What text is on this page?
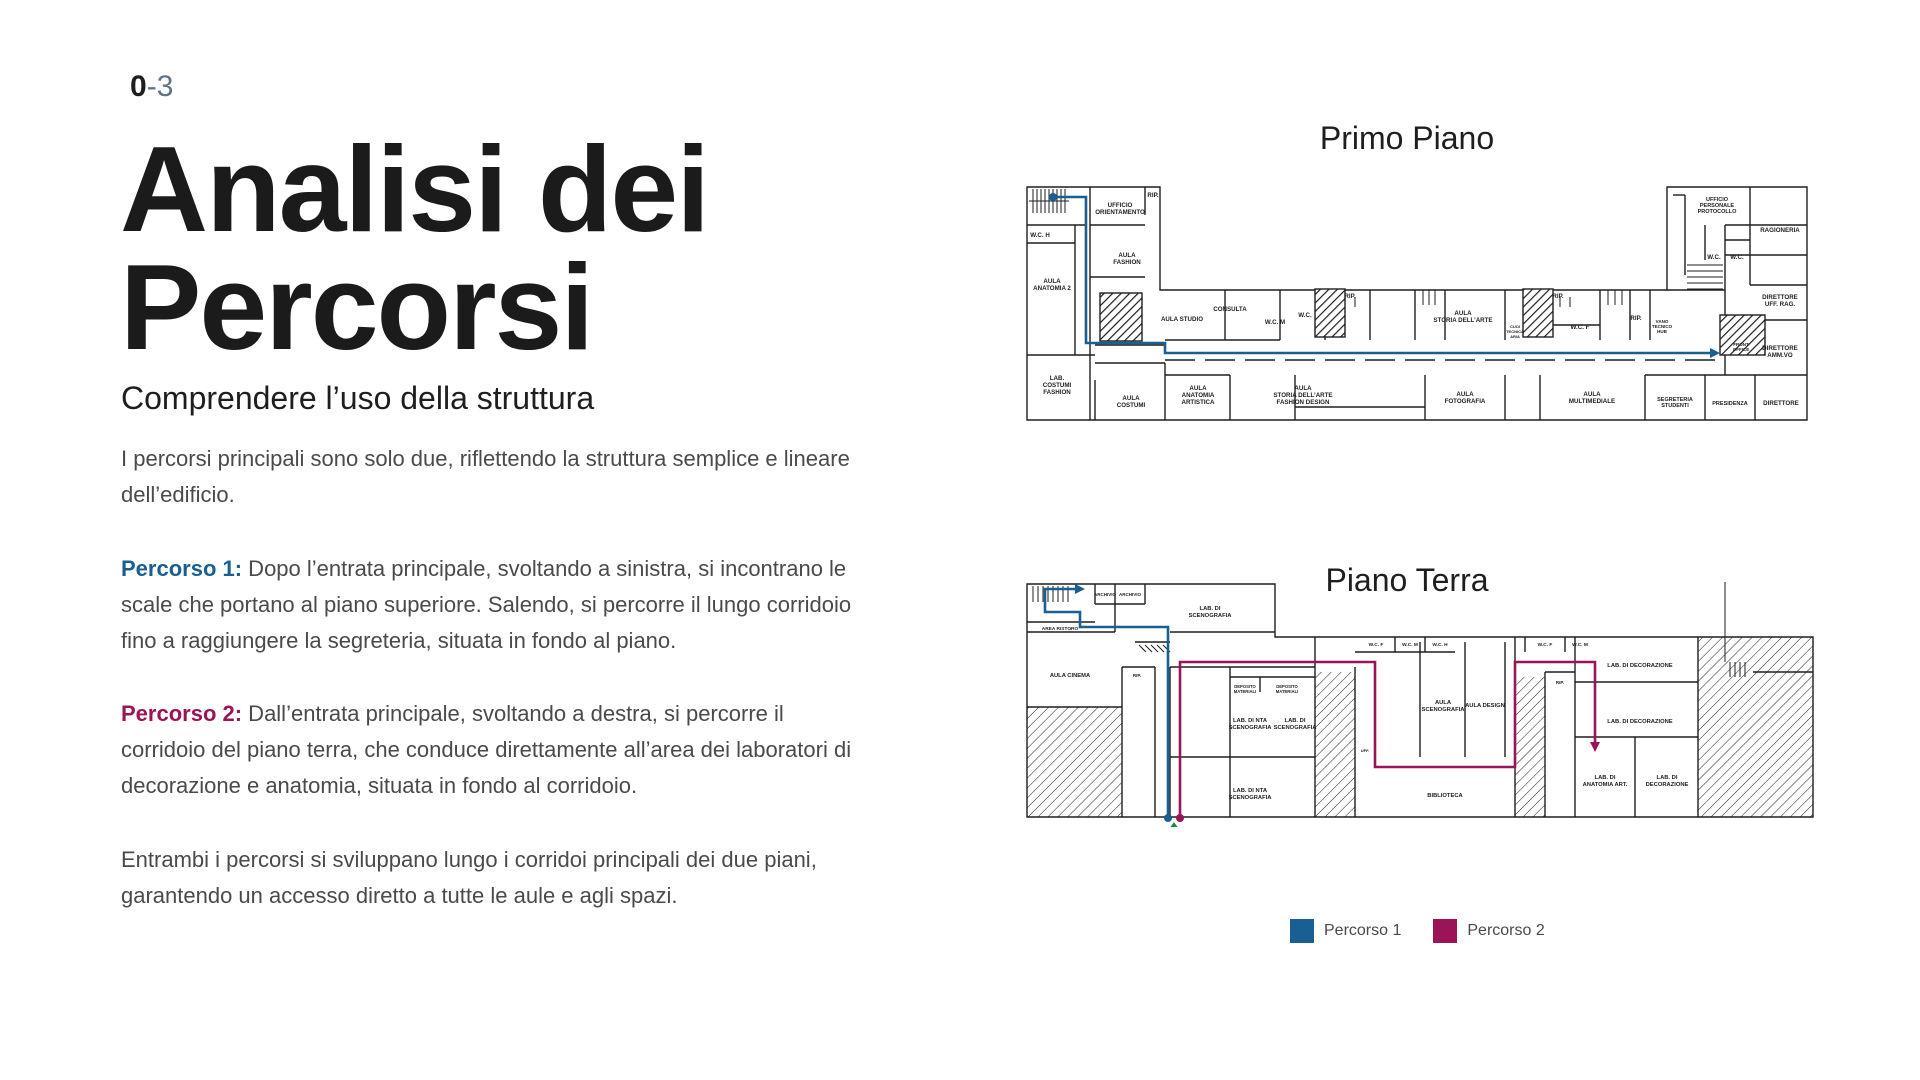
0-3
Analisi dei
Percorsi
Comprendere l’uso della struttura

I percorsi principali sono solo due, riflettendo la struttura semplice e lineare dell’edificio.

Percorso 1: Dopo l’entrata principale, svoltando a sinistra, si incontrano le scale che portano al piano superiore. Salendo, si percorre il lungo corridoio fino a raggiungere la segreteria, situata in fondo al piano.

Percorso 2: Dall’entrata principale, svoltando a destra, si percorre il corridoio del piano terra, che conduce direttamente all’area dei laboratori di decorazione e anatomia, situata in fondo al corridoio.

Entrambi i percorsi si sviluppano lungo i corridoi principali dei due piani, garantendo un accesso diretto a tutte le aule e agli spazi.

Primo Piano
Piano Terra
UFFICIO ORIENTAMENTO
RIP.
W.C. H
AULA ANATOMIA 2
AULA FASHION
AULA STUDIO
CONSULTA
W.C. M
W.C.
RIP.
AULA STORIA DELL’ARTE
CUOI TECNICA ARIA
RIP.
W.C. F
RIP.	VANO TECNICO HUB
UFFICIO PERSONALE PROTOCOLLO
RAGIONERIA
W.C. W.C.
DIRETTORE UFF. RAG.
FRONT OFFICE DIRETTORE AMM.VO
LAB. COSTUMI FASHION
AULA COSTUMI
AULA ANATOMIA ARTISTICA
AULA STORIA DELL’ARTE FASHION DESIGN
AULA FOTOGRAFIA
AULA MULTIMEDIALE	SEGRETERIA STUDENTI	PRESIDENZA DIRETTORE
ARCHIVIO ARCHIVIO
LAB. DI SCENOGRAFIA
AREA RISTORO
AULA CINEMA	RIP.
DEPOSITO MATERIALI
DEPOSITO MATERIALI
LAB. DI NTA SCENOGRAFIA
LAB. DI SCENOGRAFIA
LAB. DI NTA SCENOGRAFIA
W.C. F	W.C. M	W.C. H
AULA SCENOGRAFIA
AULA DESIGN
BIBLIOTECA
UFF.
W.C. F	W.C. M
RIP.
LAB. DI DECORAZIONE
LAB. DI DECORAZIONE
LAB. DI ANATOMIA ART.
LAB. DI DECORAZIONE
Percorso 1	Percorso 2
